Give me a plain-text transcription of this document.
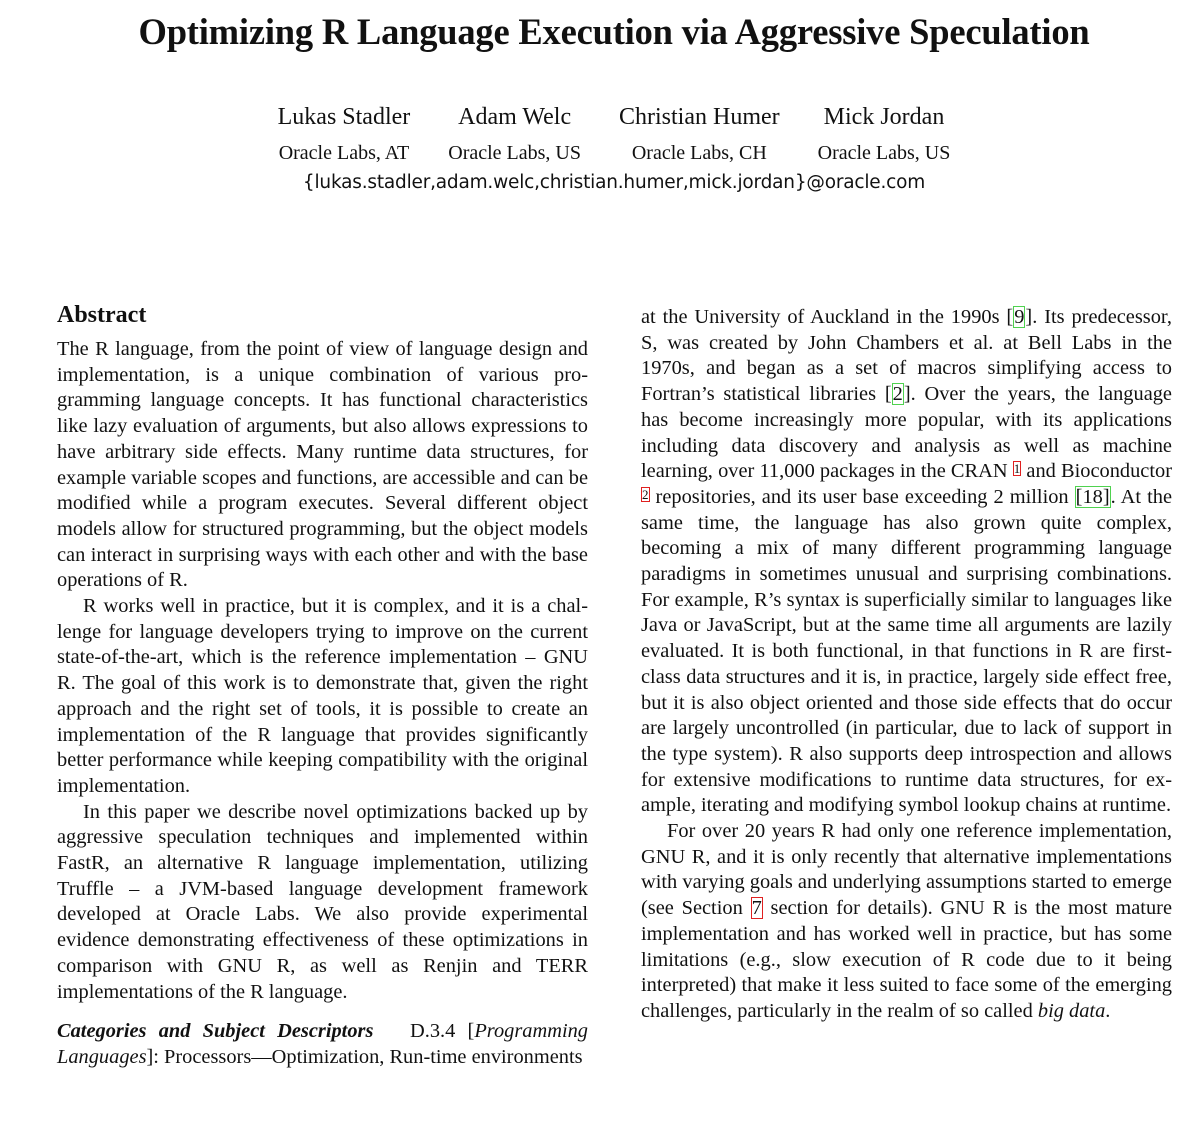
Optimizing R Language Execution via Aggressive Speculation
Lukas Stadler
Oracle Labs, AT
Adam Welc
Oracle Labs, US
Christian Humer
Oracle Labs, CH
Mick Jordan
Oracle Labs, US
{lukas.stadler,adam.welc,christian.humer,mick.jordan}@oracle.com
Abstract

The R language, from the point of view of language design and implementation, is a unique combination of various programming language concepts. It has functional characteristics like lazy evaluation of arguments, but also allows expressions to have arbitrary side effects. Many runtime data structures, for example variable scopes and functions, are accessible and can be modified while a program executes. Several different object models allow for structured programming, but the object models can interact in surprising ways with each other and with the base operations of R.

R works well in practice, but it is complex, and it is a challenge for language developers trying to improve on the current state-of-the-art, which is the reference implementation – GNU R. The goal of this work is to demonstrate that, given the right approach and the right set of tools, it is possible to create an implementation of the R language that provides significantly better performance while keeping compatibility with the original implementation.

In this paper we describe novel optimizations backed up by aggressive speculation techniques and implemented within FastR, an alternative R language implementation, utilizing Truffle – a JVM-based language development framework developed at Oracle Labs. We also provide experimental evidence demonstrating effectiveness of these optimizations in comparison with GNU R, as well as Renjin and TERR implementations of the R language.

Categories and Subject Descriptors D.3.4 [Programming Languages]: Processors—Optimization, Run-time environments

at the University of Auckland in the 1990s [9]. Its predecessor, S, was created by John Chambers et al. at Bell Labs in the 1970s, and began as a set of macros simplifying access to Fortran’s statistical libraries [2]. Over the years, the language has become increasingly more popular, with its applications including data discovery and analysis as well as machine learning, over 11,000 packages in the CRAN $^1$ and Bioconductor $^2$ repositories, and its user base exceeding 2 million [18]. At the same time, the language has also grown quite complex, becoming a mix of many different programming language paradigms in sometimes unusual and surprising combinations. For example, R’s syntax is superficially similar to languages like Java or JavaScript, but at the same time all arguments are lazily evaluated. It is both functional, in that functions in R are first-class data structures and it is, in practice, largely side effect free, but it is also object oriented and those side effects that do occur are largely uncontrolled (in particular, due to lack of support in the type system). R also supports deep introspection and allows for extensive modifications to runtime data structures, for example, iterating and modifying symbol lookup chains at runtime.

For over 20 years R had only one reference implementation, GNU R, and it is only recently that alternative implementations with varying goals and underlying assumptions started to emerge (see Section 7 section for details). GNU R is the most mature implementation and has worked well in practice, but has some limitations (e.g., slow execution of R code due to it being interpreted) that make it less suited to face some of the emerging challenges, particularly in the realm of so called big data.
